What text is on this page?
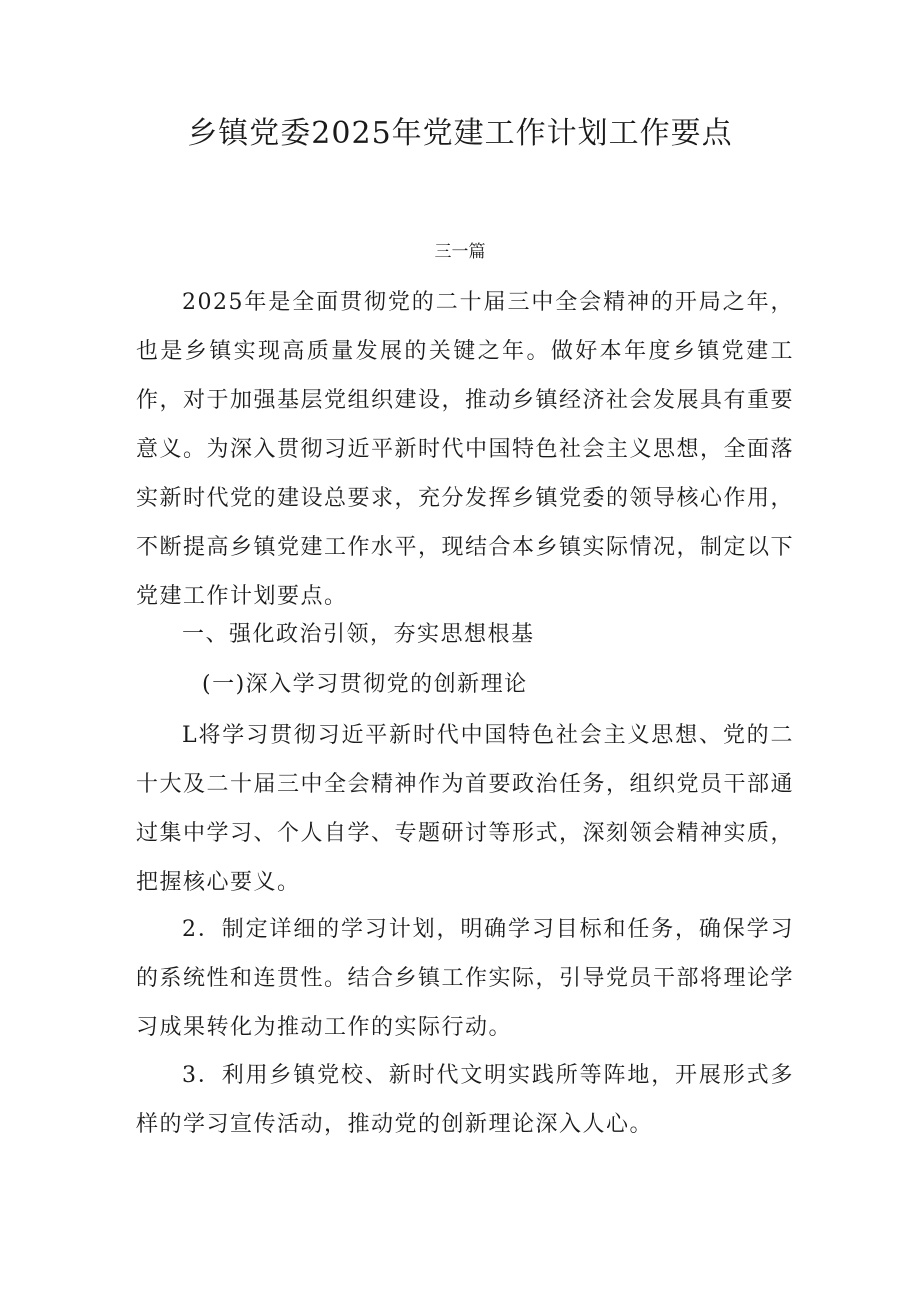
乡镇党委2025年党建工作计划工作要点
三一篇

2025年是全面贯彻党的二十届三中全会精神的开局之年，也是乡镇实现高质量发展的关键之年。做好本年度乡镇党建工作，对于加强基层党组织建设，推动乡镇经济社会发展具有重要意义。为深入贯彻习近平新时代中国特色社会主义思想，全面落实新时代党的建设总要求，充分发挥乡镇党委的领导核心作用，不断提高乡镇党建工作水平，现结合本乡镇实际情况，制定以下党建工作计划要点。

一、强化政治引领，夯实思想根基
(一)深入学习贯彻党的创新理论

L将学习贯彻习近平新时代中国特色社会主义思想、党的二十大及二十届三中全会精神作为首要政治任务，组织党员干部通过集中学习、个人自学、专题研讨等形式，深刻领会精神实质，把握核心要义。

2．制定详细的学习计划，明确学习目标和任务，确保学习的系统性和连贯性。结合乡镇工作实际，引导党员干部将理论学习成果转化为推动工作的实际行动。

3．利用乡镇党校、新时代文明实践所等阵地，开展形式多样的学习宣传活动，推动党的创新理论深入人心。
